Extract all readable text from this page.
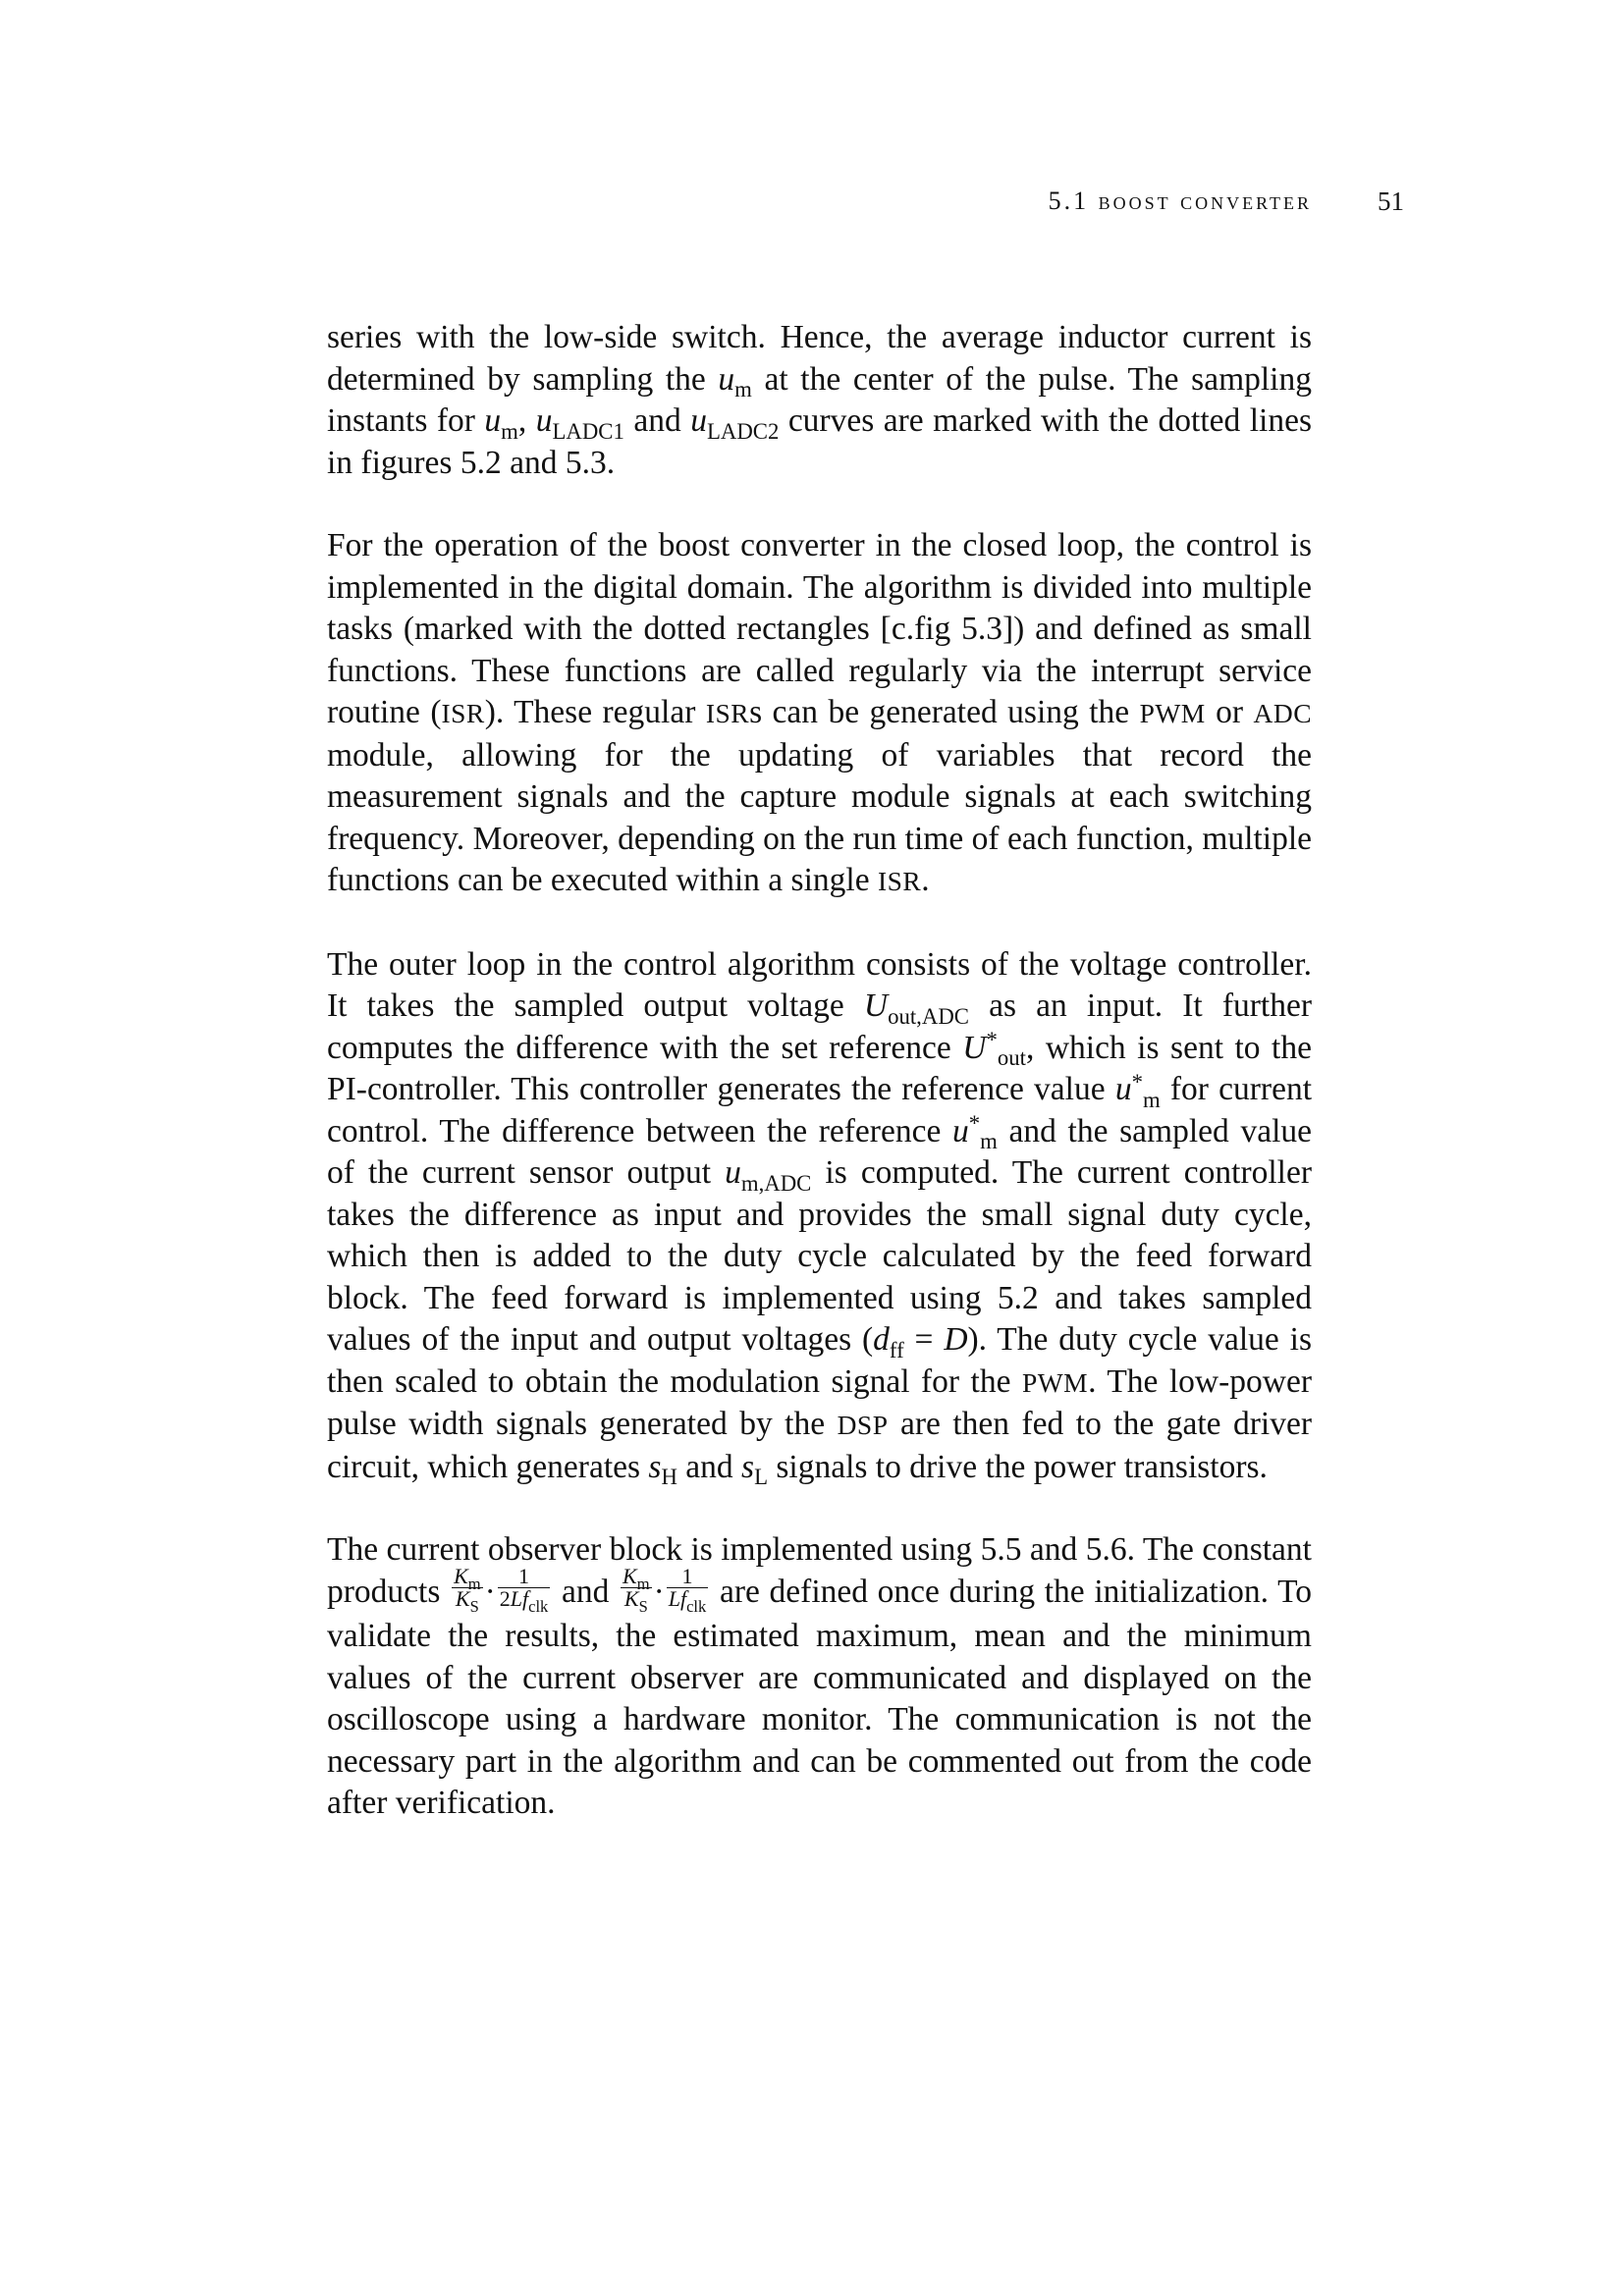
5.1 boost converter 51

series with the low-side switch. Hence, the average inductor current is determined by sampling the $u_m$ at the center of the pulse. The sampling instants for $u_m$, $u_{LADC1}$ and $u_{LADC2}$ curves are marked with the dotted lines in figures 5.2 and 5.3.

For the operation of the boost converter in the closed loop, the control is implemented in the digital domain. The algorithm is divided into multiple tasks (marked with the dotted rectangles [c.fig 5.3]) and defined as small functions. These functions are called regularly via the interrupt service routine (ISR). These regular ISRs can be generated using the PWM or ADC module, allowing for the updating of variables that record the measurement signals and the capture module signals at each switching frequency. Moreover, depending on the run time of each function, multiple functions can be executed within a single ISR.

The outer loop in the control algorithm consists of the voltage controller. It takes the sampled output voltage $U_{out,ADC}$ as an input. It further computes the difference with the set reference $U^*_{out}$, which is sent to the PI-controller. This controller generates the reference value $u^*_m$ for current control. The difference between the reference $u^*_m$ and the sampled value of the current sensor output $u_{m,ADC}$ is computed. The current controller takes the difference as input and provides the small signal duty cycle, which then is added to the duty cycle calculated by the feed forward block. The feed forward is implemented using 5.2 and takes sampled values of the input and output voltages $(d_{ff} = D)$. The duty cycle value is then scaled to obtain the modulation signal for the PWM. The low-power pulse width signals generated by the DSP are then fed to the gate driver circuit, which generates $s_H$ and $s_L$ signals to drive the power transistors.

The current observer block is implemented using 5.5 and 5.6. The constant products $\frac{K_m}{K_S} \cdot \frac{1}{2Lf_{clk}}$ and $\frac{K_m}{K_S} \cdot \frac{1}{Lf_{clk}}$ are defined once during the initialization. To validate the results, the estimated maximum, mean and the minimum values of the current observer are communicated and displayed on the oscilloscope using a hardware monitor. The communication is not the necessary part in the algorithm and can be commented out from the code after verification.
